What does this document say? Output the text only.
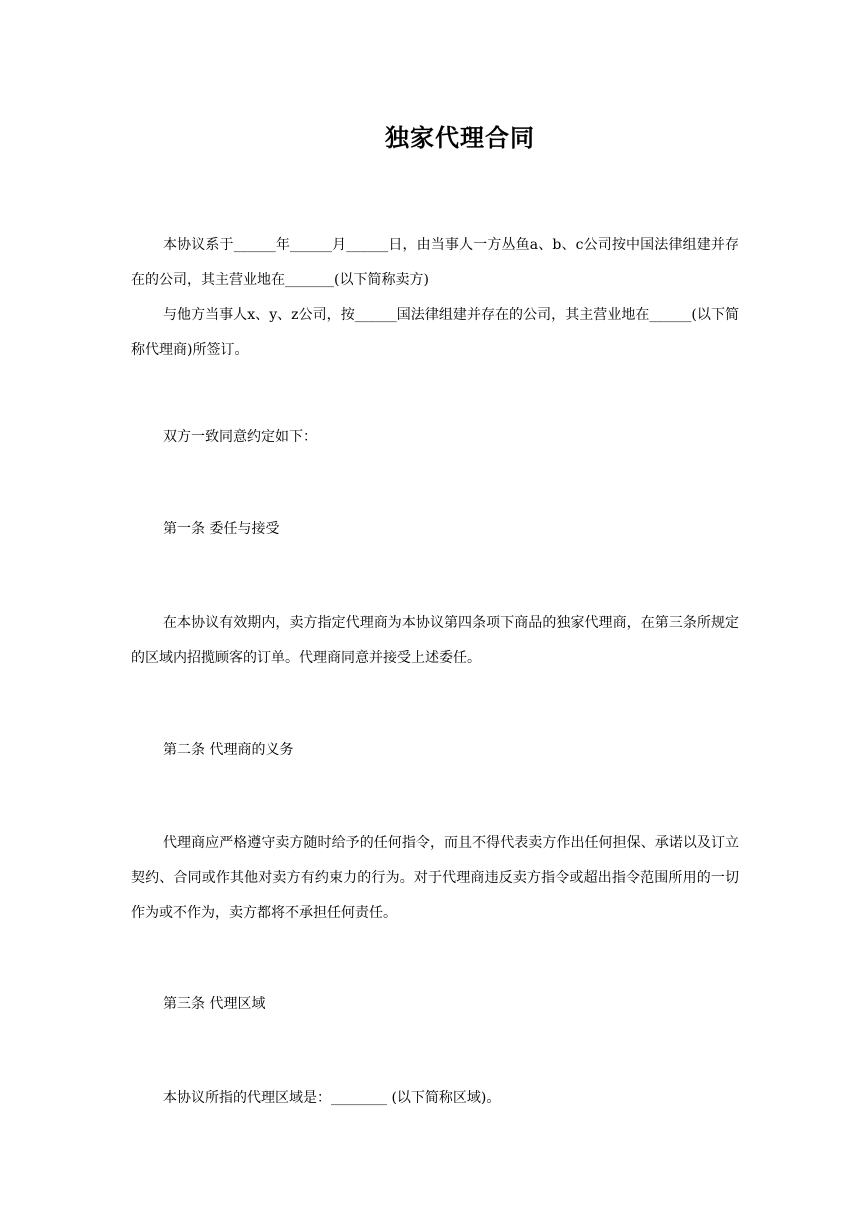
独家代理合同

本协议系于______年______月______日，由当事人一方丛鱼a、b、c公司按中国法律组建并存在的公司，其主营业地在_______(以下简称卖方)

与他方当事人x、y、z公司，按______国法律组建并存在的公司，其主营业地在______(以下简称代理商)所签订。

双方一致同意约定如下：

第一条 委任与接受

在本协议有效期内，卖方指定代理商为本协议第四条项下商品的独家代理商，在第三条所规定的区域内招揽顾客的订单。代理商同意并接受上述委任。

第二条 代理商的义务

代理商应严格遵守卖方随时给予的任何指令，而且不得代表卖方作出任何担保、承诺以及订立契约、合同或作其他对卖方有约束力的行为。对于代理商违反卖方指令或超出指令范围所用的一切作为或不作为，卖方都将不承担任何责任。

第三条 代理区域

本协议所指的代理区域是：________ (以下简称区域)。
